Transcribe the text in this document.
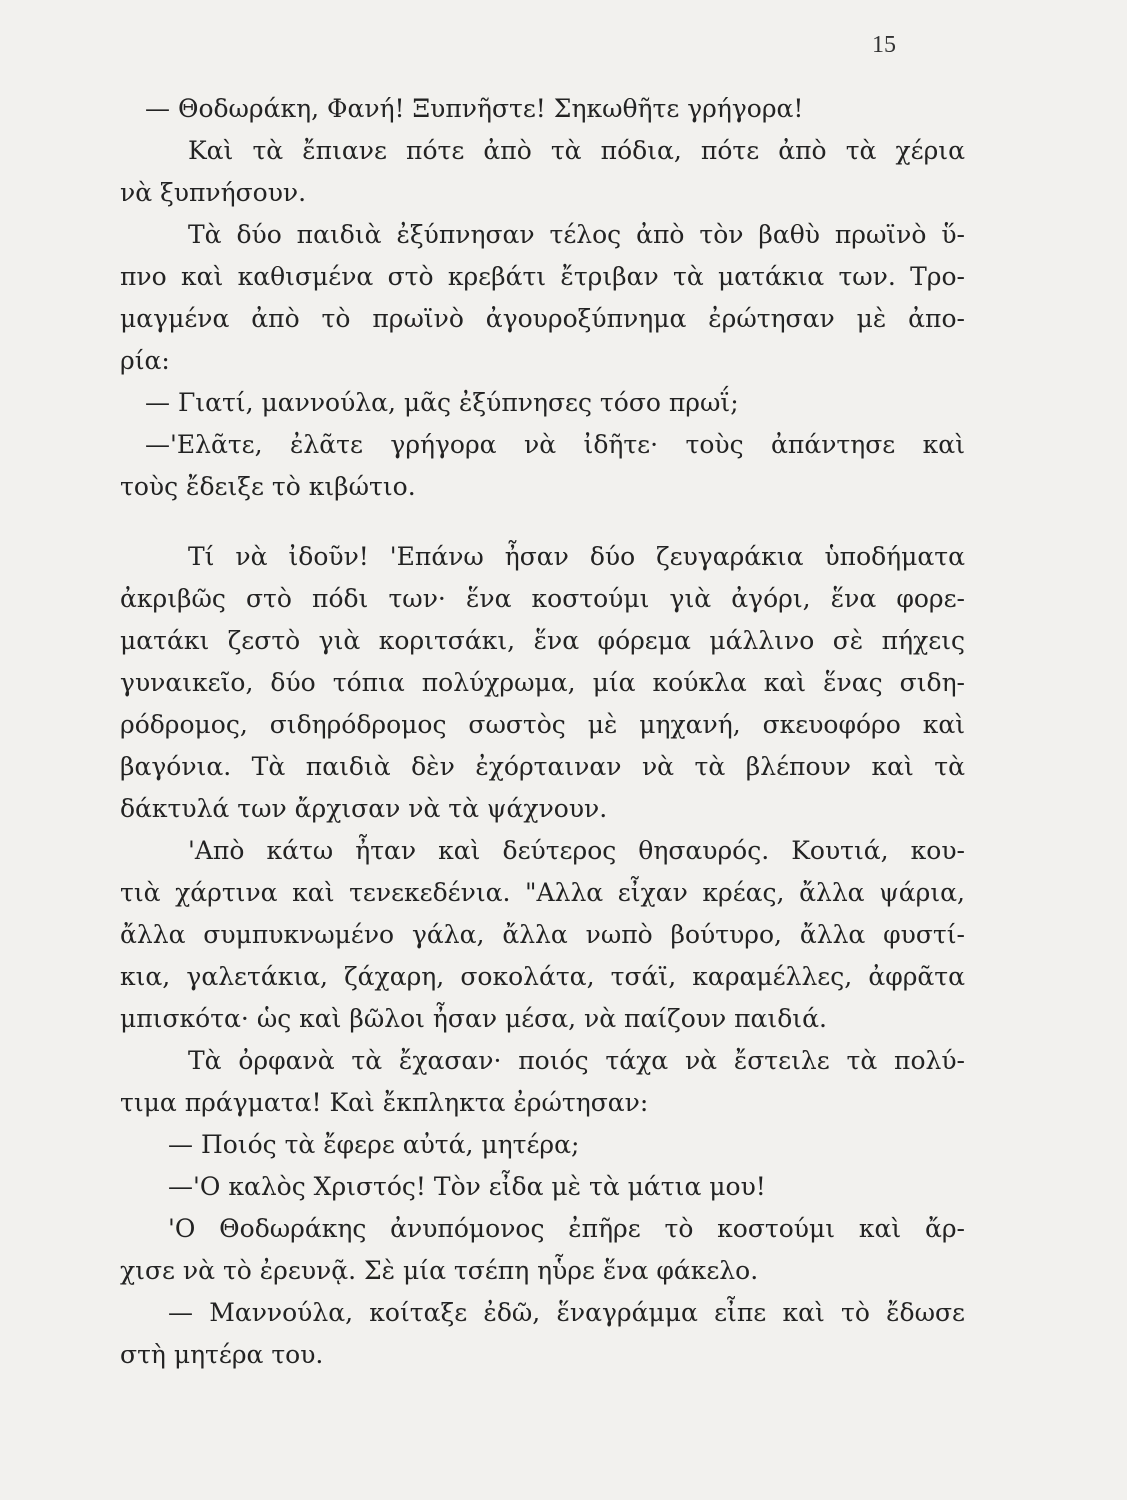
15
— Θοδωράκη, Φανή! Ξυπνῆστε! Σηκωθῆτε γρήγορα!
Καὶ τὰ ἔπιανε πότε ἀπὸ τὰ πόδια, πότε ἀπὸ τὰ χέρια
νὰ ξυπνήσουν.
Τὰ δύο παιδιὰ ἐξύπνησαν τέλος ἀπὸ τὸν βαθὺ πρωϊνὸ ὕ-
πνο καὶ καθισμένα στὸ κρεβάτι ἔτριβαν τὰ ματάκια των. Τρο-
μαγμένα ἀπὸ τὸ πρωϊνὸ ἀγουροξύπνημα ἐρώτησαν μὲ ἀπο-
ρία:
— Γιατί, μαννούλα, μᾶς ἐξύπνησες τόσο πρωΐ;
—'Ελᾶτε, ἐλᾶτε γρήγορα νὰ ἰδῆτε· τοὺς ἀπάντησε καὶ
τοὺς ἔδειξε τὸ κιβώτιο.
Τί νὰ ἰδοῦν! 'Επάνω ἦσαν δύο ζευγαράκια ὑποδήματα
ἀκριβῶς στὸ πόδι των· ἕνα κοστούμι γιὰ ἀγόρι, ἕνα φορε-
ματάκι ζεστὸ γιὰ κοριτσάκι, ἕνα φόρεμα μάλλινο σὲ πήχεις
γυναικεῖο, δύο τόπια πολύχρωμα, μία κούκλα καὶ ἕνας σιδη-
ρόδρομος, σιδηρόδρομος σωστὸς μὲ μηχανή, σκευοφόρο καὶ
βαγόνια. Τὰ παιδιὰ δὲν ἐχόρταιναν νὰ τὰ βλέπουν καὶ τὰ
δάκτυλά των ἄρχισαν νὰ τὰ ψάχνουν.
'Απὸ κάτω ἦταν καὶ δεύτερος θησαυρός. Κουτιά, κου-
τιὰ χάρτινα καὶ τενεκεδένια. "Αλλα εἶχαν κρέας, ἄλλα ψάρια,
ἄλλα συμπυκνωμένο γάλα, ἄλλα νωπὸ βούτυρο, ἄλλα φυστί-
κια, γαλετάκια, ζάχαρη, σοκολάτα, τσάϊ, καραμέλλες, ἀφρᾶτα
μπισκότα· ὡς καὶ βῶλοι ἦσαν μέσα, νὰ παίζουν παιδιά.
Τὰ ὀρφανὰ τὰ ἔχασαν· ποιός τάχα νὰ ἔστειλε τὰ πολύ-
τιμα πράγματα! Καὶ ἔκπληκτα ἐρώτησαν:
— Ποιός τὰ ἔφερε αὐτά, μητέρα;
—'Ο καλὸς Χριστός! Τὸν εἶδα μὲ τὰ μάτια μου!
'Ο Θοδωράκης ἀνυπόμονος ἐπῆρε τὸ κοστούμι καὶ ἄρ-
χισε νὰ τὸ ἐρευνᾷ. Σὲ μία τσέπη ηὗρε ἕνα φάκελο.
— Μαννούλα, κοίταξε ἐδῶ, ἕναγράμμα εἶπε καὶ τὸ ἔδωσε
στὴ μητέρα του.
